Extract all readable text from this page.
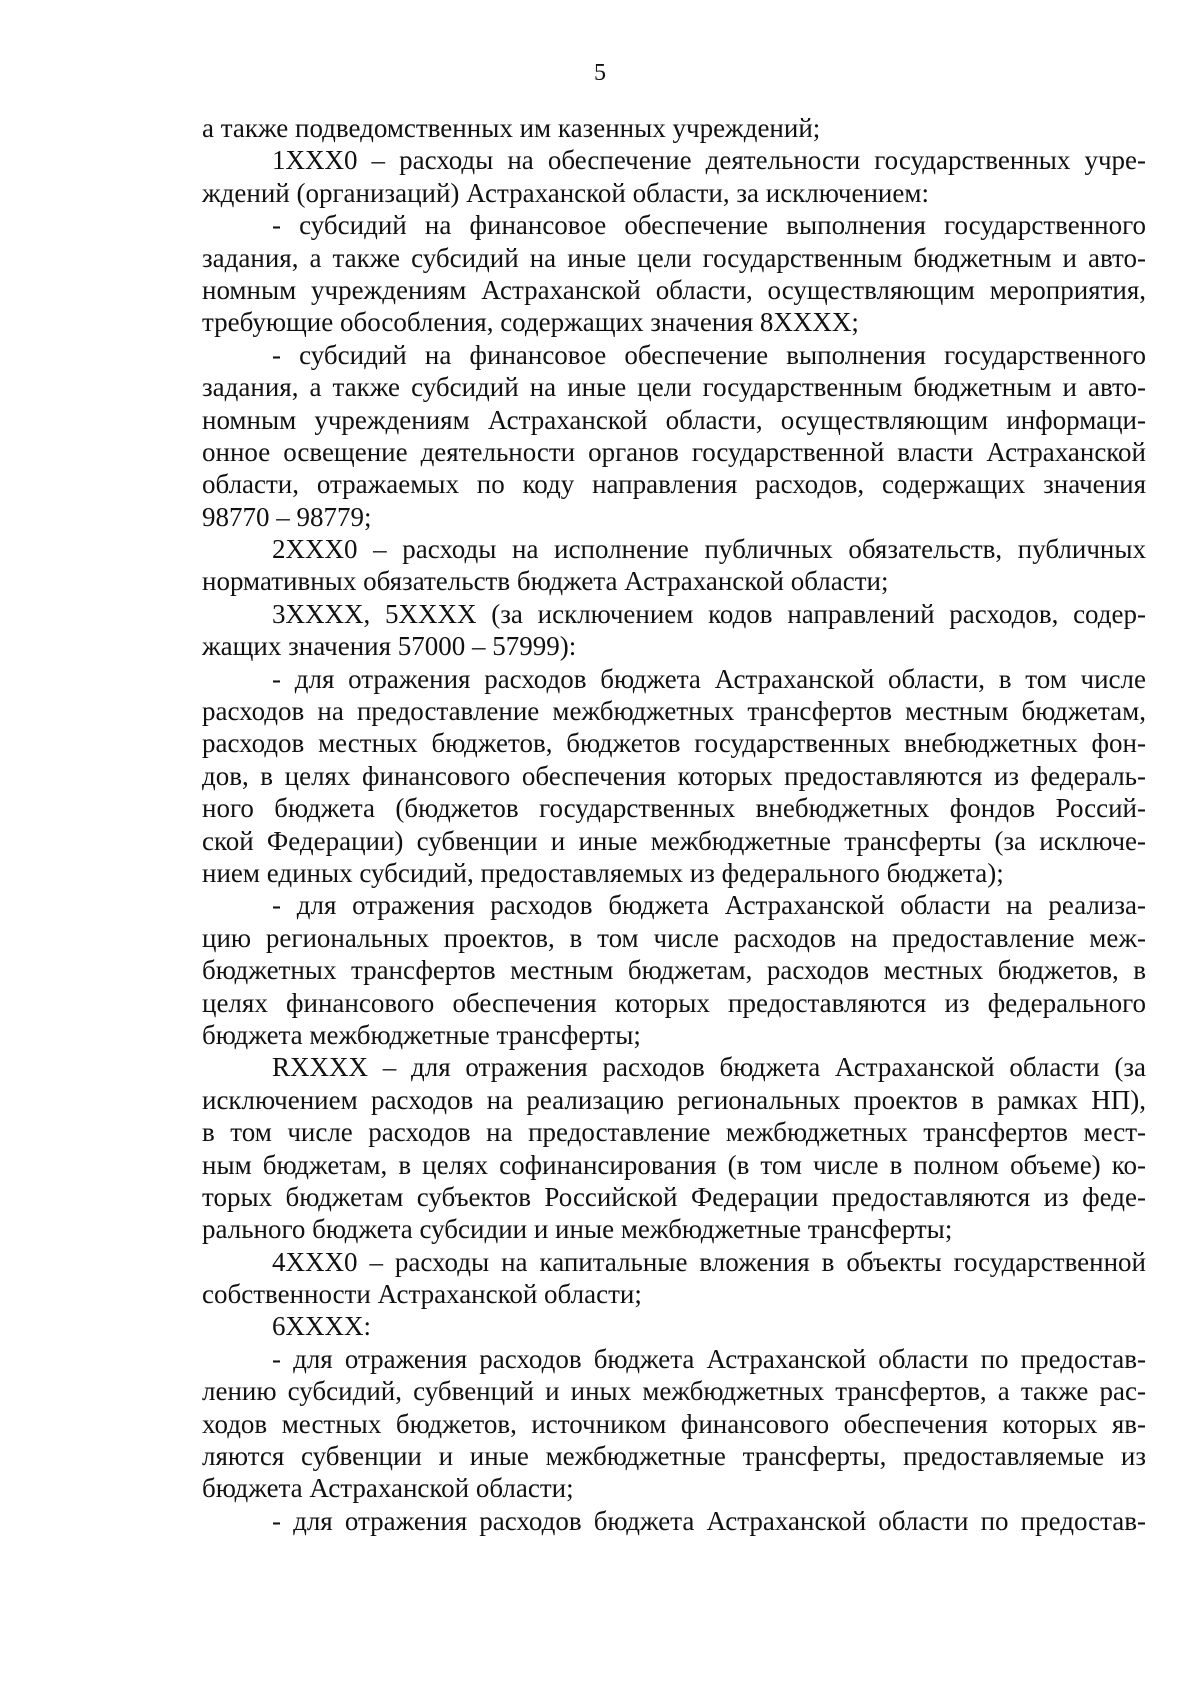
5
а также подведомственных им казенных учреждений;
1ХХХ0 – расходы на обеспечение деятельности государственных учре-
ждений (организаций) Астраханской области, за исключением:
- субсидий на финансовое обеспечение выполнения государственного
задания, а также субсидий на иные цели государственным бюджетным и авто-
номным учреждениям Астраханской области, осуществляющим мероприятия,
требующие обособления, содержащих значения 8ХХХХ;
- субсидий на финансовое обеспечение выполнения государственного
задания, а также субсидий на иные цели государственным бюджетным и авто-
номным учреждениям Астраханской области, осуществляющим информаци-
онное освещение деятельности органов государственной власти Астраханской
области, отражаемых по коду направления расходов, содержащих значения
98770 – 98779;
2ХХХ0 – расходы на исполнение публичных обязательств, публичных
нормативных обязательств бюджета Астраханской области;
3ХХХХ, 5ХХХХ (за исключением кодов направлений расходов, содер-
жащих значения 57000 – 57999):
- для отражения расходов бюджета Астраханской области, в том числе
расходов на предоставление межбюджетных трансфертов местным бюджетам,
расходов местных бюджетов, бюджетов государственных внебюджетных фон-
дов, в целях финансового обеспечения которых предоставляются из федераль-
ного бюджета (бюджетов государственных внебюджетных фондов Россий-
ской Федерации) субвенции и иные межбюджетные трансферты (за исключе-
нием единых субсидий, предоставляемых из федерального бюджета);
- для отражения расходов бюджета Астраханской области на реализа-
цию региональных проектов, в том числе расходов на предоставление меж-
бюджетных трансфертов местным бюджетам, расходов местных бюджетов, в
целях финансового обеспечения которых предоставляются из федерального
бюджета межбюджетные трансферты;
RХХХХ – для отражения расходов бюджета Астраханской области (за
исключением расходов на реализацию региональных проектов в рамках НП),
в том числе расходов на предоставление межбюджетных трансфертов мест-
ным бюджетам, в целях софинансирования (в том числе в полном объеме) ко-
торых бюджетам субъектов Российской Федерации предоставляются из феде-
рального бюджета субсидии и иные межбюджетные трансферты;
4ХХХ0 – расходы на капитальные вложения в объекты государственной
собственности Астраханской области;
6ХХХХ:
- для отражения расходов бюджета Астраханской области по предостав-
лению субсидий, субвенций и иных межбюджетных трансфертов, а также рас-
ходов местных бюджетов, источником финансового обеспечения которых яв-
ляются субвенции и иные межбюджетные трансферты, предоставляемые из
бюджета Астраханской области;
- для отражения расходов бюджета Астраханской области по предостав-
